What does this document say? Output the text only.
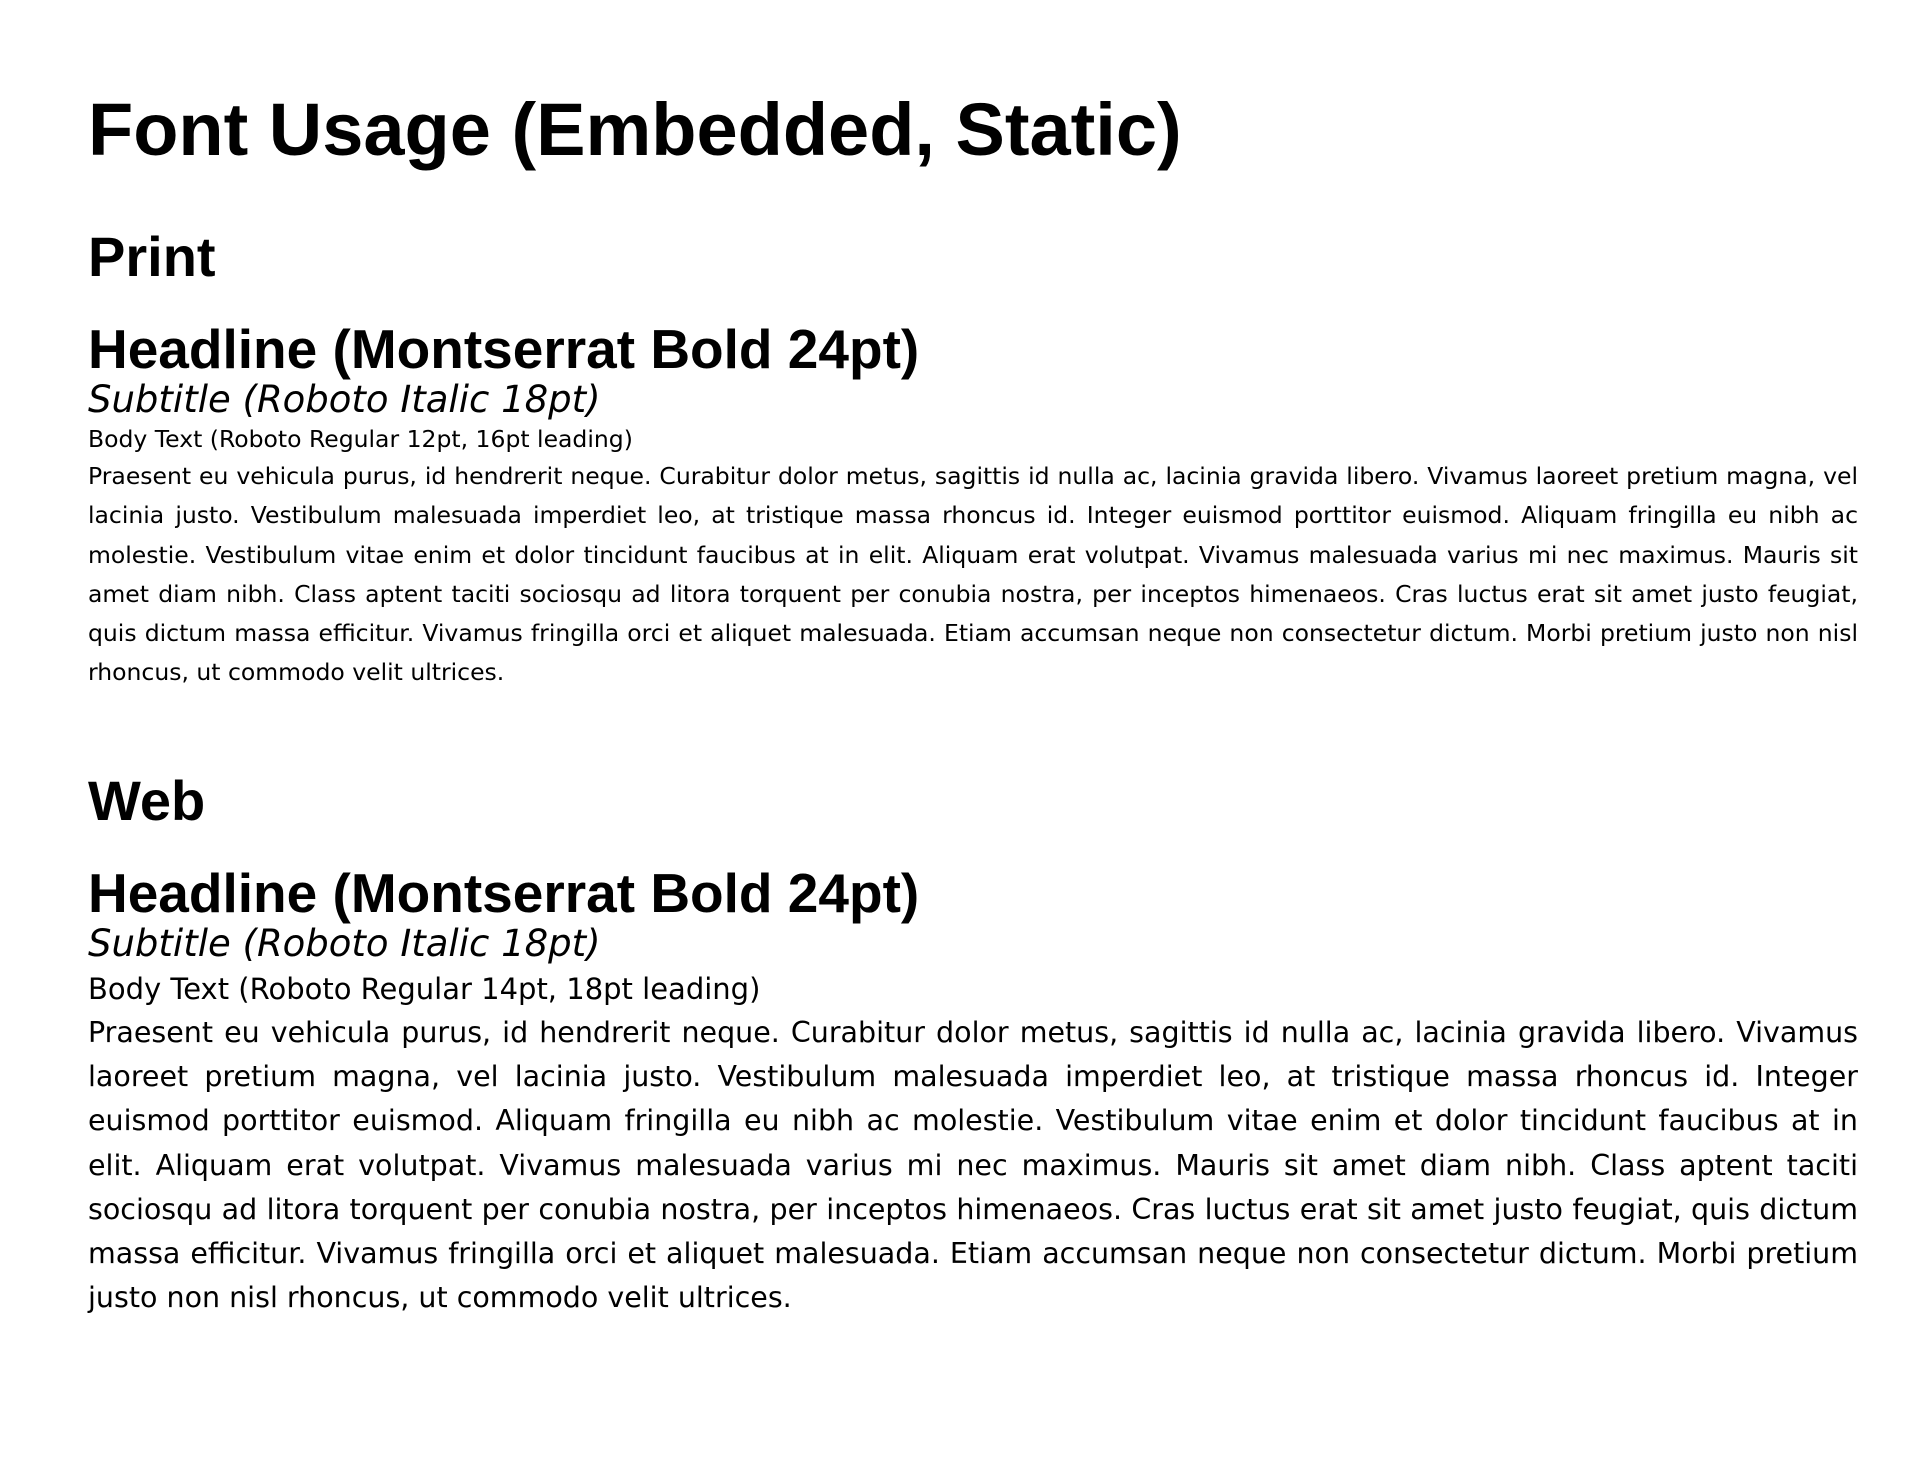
Font Usage (Embedded, Static)
Print
Headline (Montserrat Bold 24pt)
Subtitle (Roboto Italic 18pt)

Body Text (Roboto Regular 12pt, 16pt leading)

Praesent eu vehicula purus, id hendrerit neque. Curabitur dolor metus, sagittis id nulla ac, lacinia gravida libero. Vivamus laoreet pretium magna, vel lacinia justo. Vestibulum malesuada imperdiet leo, at tristique massa rhoncus id. Integer euismod porttitor euismod. Aliquam fringilla eu nibh ac molestie. Vestibulum vitae enim et dolor tincidunt faucibus at in elit. Aliquam erat volutpat. Vivamus malesuada varius mi nec maximus. Mauris sit amet diam nibh. Class aptent taciti sociosqu ad litora torquent per conubia nostra, per inceptos himenaeos. Cras luctus erat sit amet justo feugiat, quis dictum massa efficitur. Vivamus fringilla orci et aliquet malesuada. Etiam accumsan neque non consectetur dictum. Morbi pretium justo non nisl rhoncus, ut commodo velit ultrices.

Web
Headline (Montserrat Bold 24pt)
Subtitle (Roboto Italic 18pt)

Body Text (Roboto Regular 14pt, 18pt leading)

Praesent eu vehicula purus, id hendrerit neque. Curabitur dolor metus, sagittis id nulla ac, lacinia gravida libero. Vivamus laoreet pretium magna, vel lacinia justo. Vestibulum malesuada imperdiet leo, at tristique massa rhoncus id. Integer euismod porttitor euismod. Aliquam fringilla eu nibh ac molestie. Vestibulum vitae enim et dolor tincidunt faucibus at in elit. Aliquam erat volutpat. Vivamus malesuada varius mi nec maximus. Mauris sit amet diam nibh. Class aptent taciti sociosqu ad litora torquent per conubia nostra, per inceptos himenaeos. Cras luctus erat sit amet justo feugiat, quis dictum massa efficitur. Vivamus fringilla orci et aliquet malesuada. Etiam accumsan neque non consectetur dictum. Morbi pretium justo non nisl rhoncus, ut commodo velit ultrices.
